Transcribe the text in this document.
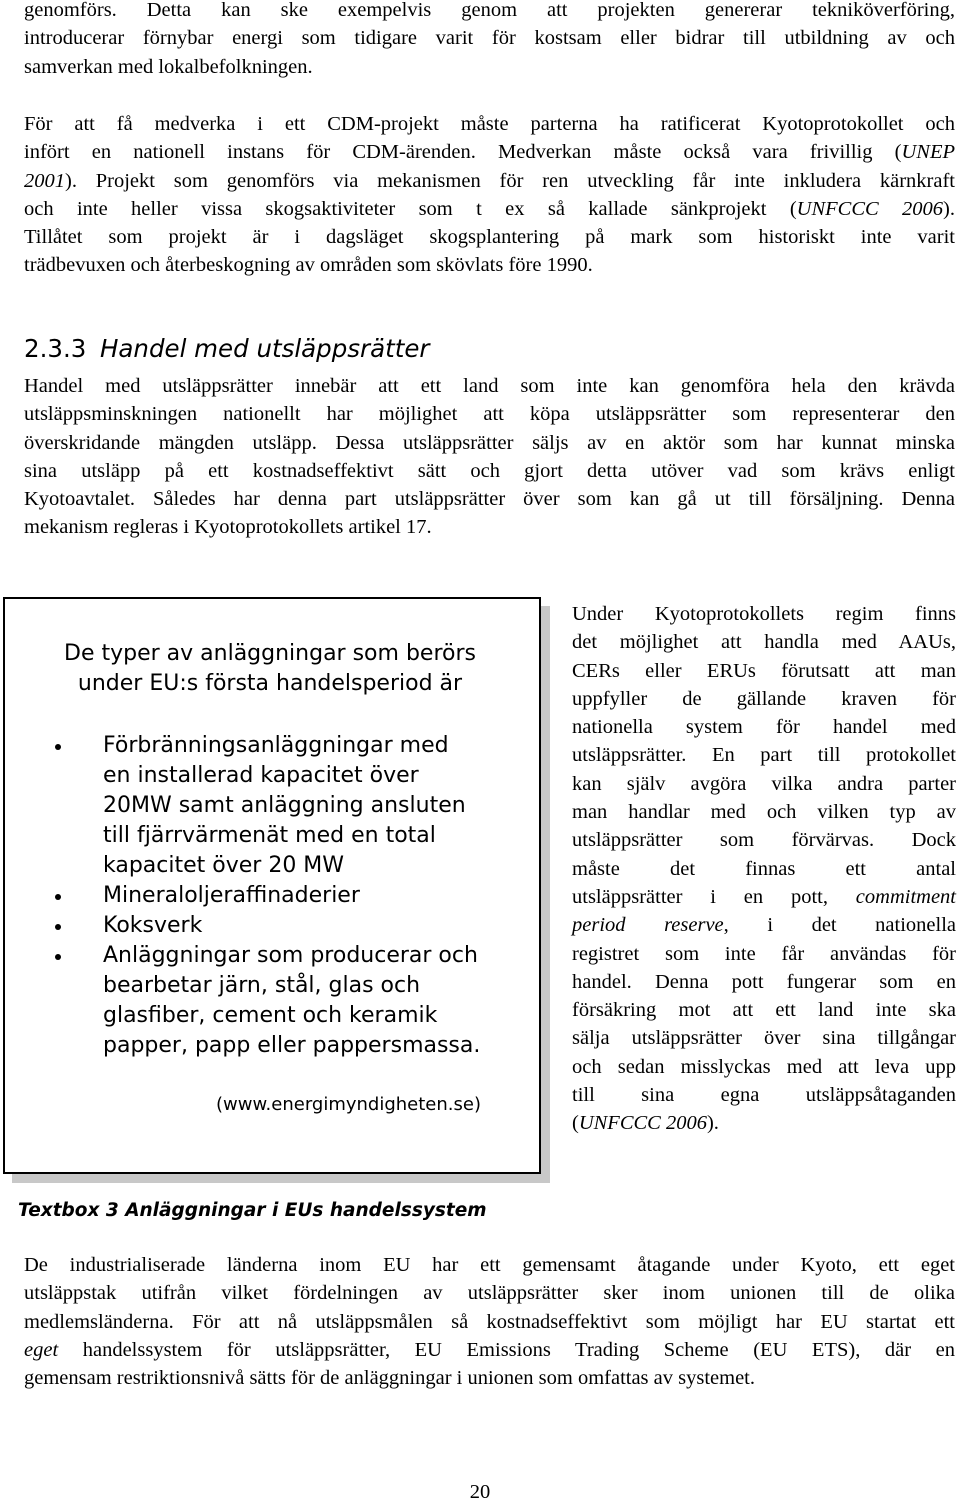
genomförs. Detta kan ske exempelvis genom att projekten genererar tekniköverföring,
introducerar förnybar energi som tidigare varit för kostsam eller bidrar till utbildning av och
samverkan med lokalbefolkningen.
För att få medverka i ett CDM-projekt måste parterna ha ratificerat Kyotoprotokollet och
infört en nationell instans för CDM-ärenden. Medverkan måste också vara frivillig (UNEP
2001). Projekt som genomförs via mekanismen för ren utveckling får inte inkludera kärnkraft
och inte heller vissa skogsaktiviteter som t ex så kallade sänkprojekt (UNFCCC 2006).
Tillåtet som projekt är i dagsläget skogsplantering på mark som historiskt inte varit
trädbevuxen och återbeskogning av områden som skövlats före 1990.
2.3.3 Handel med utsläppsrätter
Handel med utsläppsrätter innebär att ett land som inte kan genomföra hela den krävda
utsläppsminskningen nationellt har möjlighet att köpa utsläppsrätter som representerar den
överskridande mängden utsläpp. Dessa utsläppsrätter säljs av en aktör som har kunnat minska
sina utsläpp på ett kostnadseffektivt sätt och gjort detta utöver vad som krävs enligt
Kyotoavtalet. Således har denna part utsläppsrätter över som kan gå ut till försäljning. Denna
mekanism regleras i Kyotoprotokollets artikel 17.
De typer av anläggningar som berörs
under EU:s första handelsperiod är
Förbränningsanläggningar med
en installerad kapacitet över
20MW samt anläggning ansluten
till fjärrvärmenät med en total
kapacitet över 20 MW
Mineraloljeraffinaderier
Koksverk
Anläggningar som producerar och
bearbetar järn, stål, glas och
glasfiber, cement och keramik
papper, papp eller pappersmassa.
(www.energimyndigheten.se)
Textbox 3 Anläggningar i EUs handelssystem
Under Kyotoprotokollets regim finns
det möjlighet att handla med AAUs,
CERs eller ERUs förutsatt att man
uppfyller de gällande kraven för
nationella system för handel med
utsläppsrätter. En part till protokollet
kan själv avgöra vilka andra parter
man handlar med och vilken typ av
utsläppsrätter som förvärvas. Dock
måste det finnas ett antal
utsläppsrätter i en pott, commitment
period reserve, i det nationella
registret som inte får användas för
handel. Denna pott fungerar som en
försäkring mot att ett land inte ska
sälja utsläppsrätter över sina tillgångar
och sedan misslyckas med att leva upp
till sina egna utsläppsåtaganden
(UNFCCC 2006).
De industrialiserade länderna inom EU har ett gemensamt åtagande under Kyoto, ett eget
utsläppstak utifrån vilket fördelningen av utsläppsrätter sker inom unionen till de olika
medlemsländerna. För att nå utsläppsmålen så kostnadseffektivt som möjligt har EU startat ett
eget handelssystem för utsläppsrätter, EU Emissions Trading Scheme (EU ETS), där en
gemensam restriktionsnivå sätts för de anläggningar i unionen som omfattas av systemet.
20
